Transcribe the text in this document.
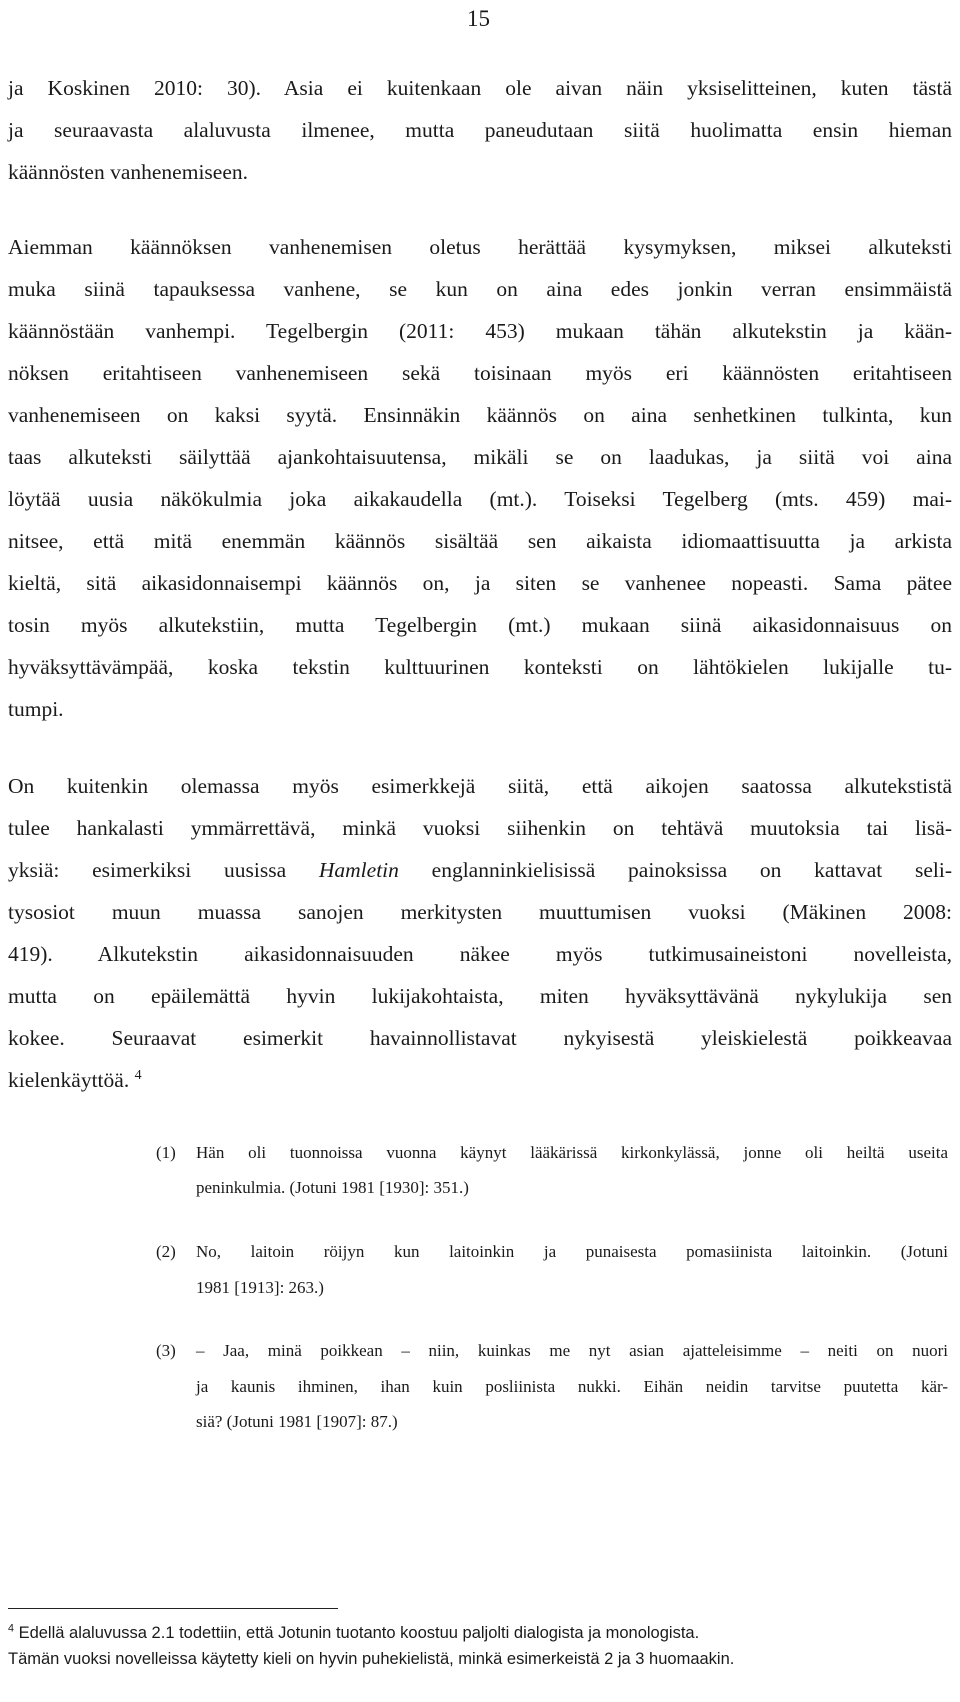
15
ja Koskinen 2010: 30). Asia ei kuitenkaan ole aivan näin yksiselitteinen, kuten tästä
ja seuraavasta alaluvusta ilmenee, mutta paneudutaan siitä huolimatta ensin hieman
käännösten vanhenemiseen.
Aiemman käännöksen vanhenemisen oletus herättää kysymyksen, miksei alkuteksti
muka siinä tapauksessa vanhene, se kun on aina edes jonkin verran ensimmäistä
käännöstään vanhempi. Tegelbergin (2011: 453) mukaan tähän alkutekstin ja kään-
nöksen eritahtiseen vanhenemiseen sekä toisinaan myös eri käännösten eritahtiseen
vanhenemiseen on kaksi syytä. Ensinnäkin käännös on aina senhetkinen tulkinta, kun
taas alkuteksti säilyttää ajankohtaisuutensa, mikäli se on laadukas, ja siitä voi aina
löytää uusia näkökulmia joka aikakaudella (mt.). Toiseksi Tegelberg (mts. 459) mai-
nitsee, että mitä enemmän käännös sisältää sen aikaista idiomaattisuutta ja arkista
kieltä, sitä aikasidonnaisempi käännös on, ja siten se vanhenee nopeasti. Sama pätee
tosin myös alkutekstiin, mutta Tegelbergin (mt.) mukaan siinä aikasidonnaisuus on
hyväksyttävämpää, koska tekstin kulttuurinen konteksti on lähtökielen lukijalle tu-
tumpi.
On kuitenkin olemassa myös esimerkkejä siitä, että aikojen saatossa alkutekstistä
tulee hankalasti ymmärrettävä, minkä vuoksi siihenkin on tehtävä muutoksia tai lisä-
yksiä: esimerkiksi uusissa Hamletin englanninkielisissä painoksissa on kattavat seli-
tysosiot muun muassa sanojen merkitysten muuttumisen vuoksi (Mäkinen 2008:
419). Alkutekstin aikasidonnaisuuden näkee myös tutkimusaineistoni novelleista,
mutta on epäilemättä hyvin lukijakohtaista, miten hyväksyttävänä nykylukija sen
kokee. Seuraavat esimerkit havainnollistavat nykyisestä yleiskielestä poikkeavaa
kielenkäyttöä. $^4$
(1) Hän oli tuonnoissa vuonna käynyt lääkärissä kirkonkylässä, jonne oli heiltä useita
peninkulmia. (Jotuni 1981 [1930]: 351.)
(2) No, laitoin röijyn kun laitoinkin ja punaisesta pomasiinista laitoinkin. (Jotuni
1981 [1913]: 263.)
(3) – Jaa, minä poikkean – niin, kuinkas me nyt asian ajatteleisimme – neiti on nuori
ja kaunis ihminen, ihan kuin posliinista nukki. Eihän neidin tarvitse puutetta kär-
siä? (Jotuni 1981 [1907]: 87.)
$^4$ Edellä alaluvussa 2.1 todettiin, että Jotunin tuotanto koostuu paljolti dialogista ja monologista.
Tämän vuoksi novelleissa käytetty kieli on hyvin puhekielistä, minkä esimerkeistä 2 ja 3 huomaakin.
